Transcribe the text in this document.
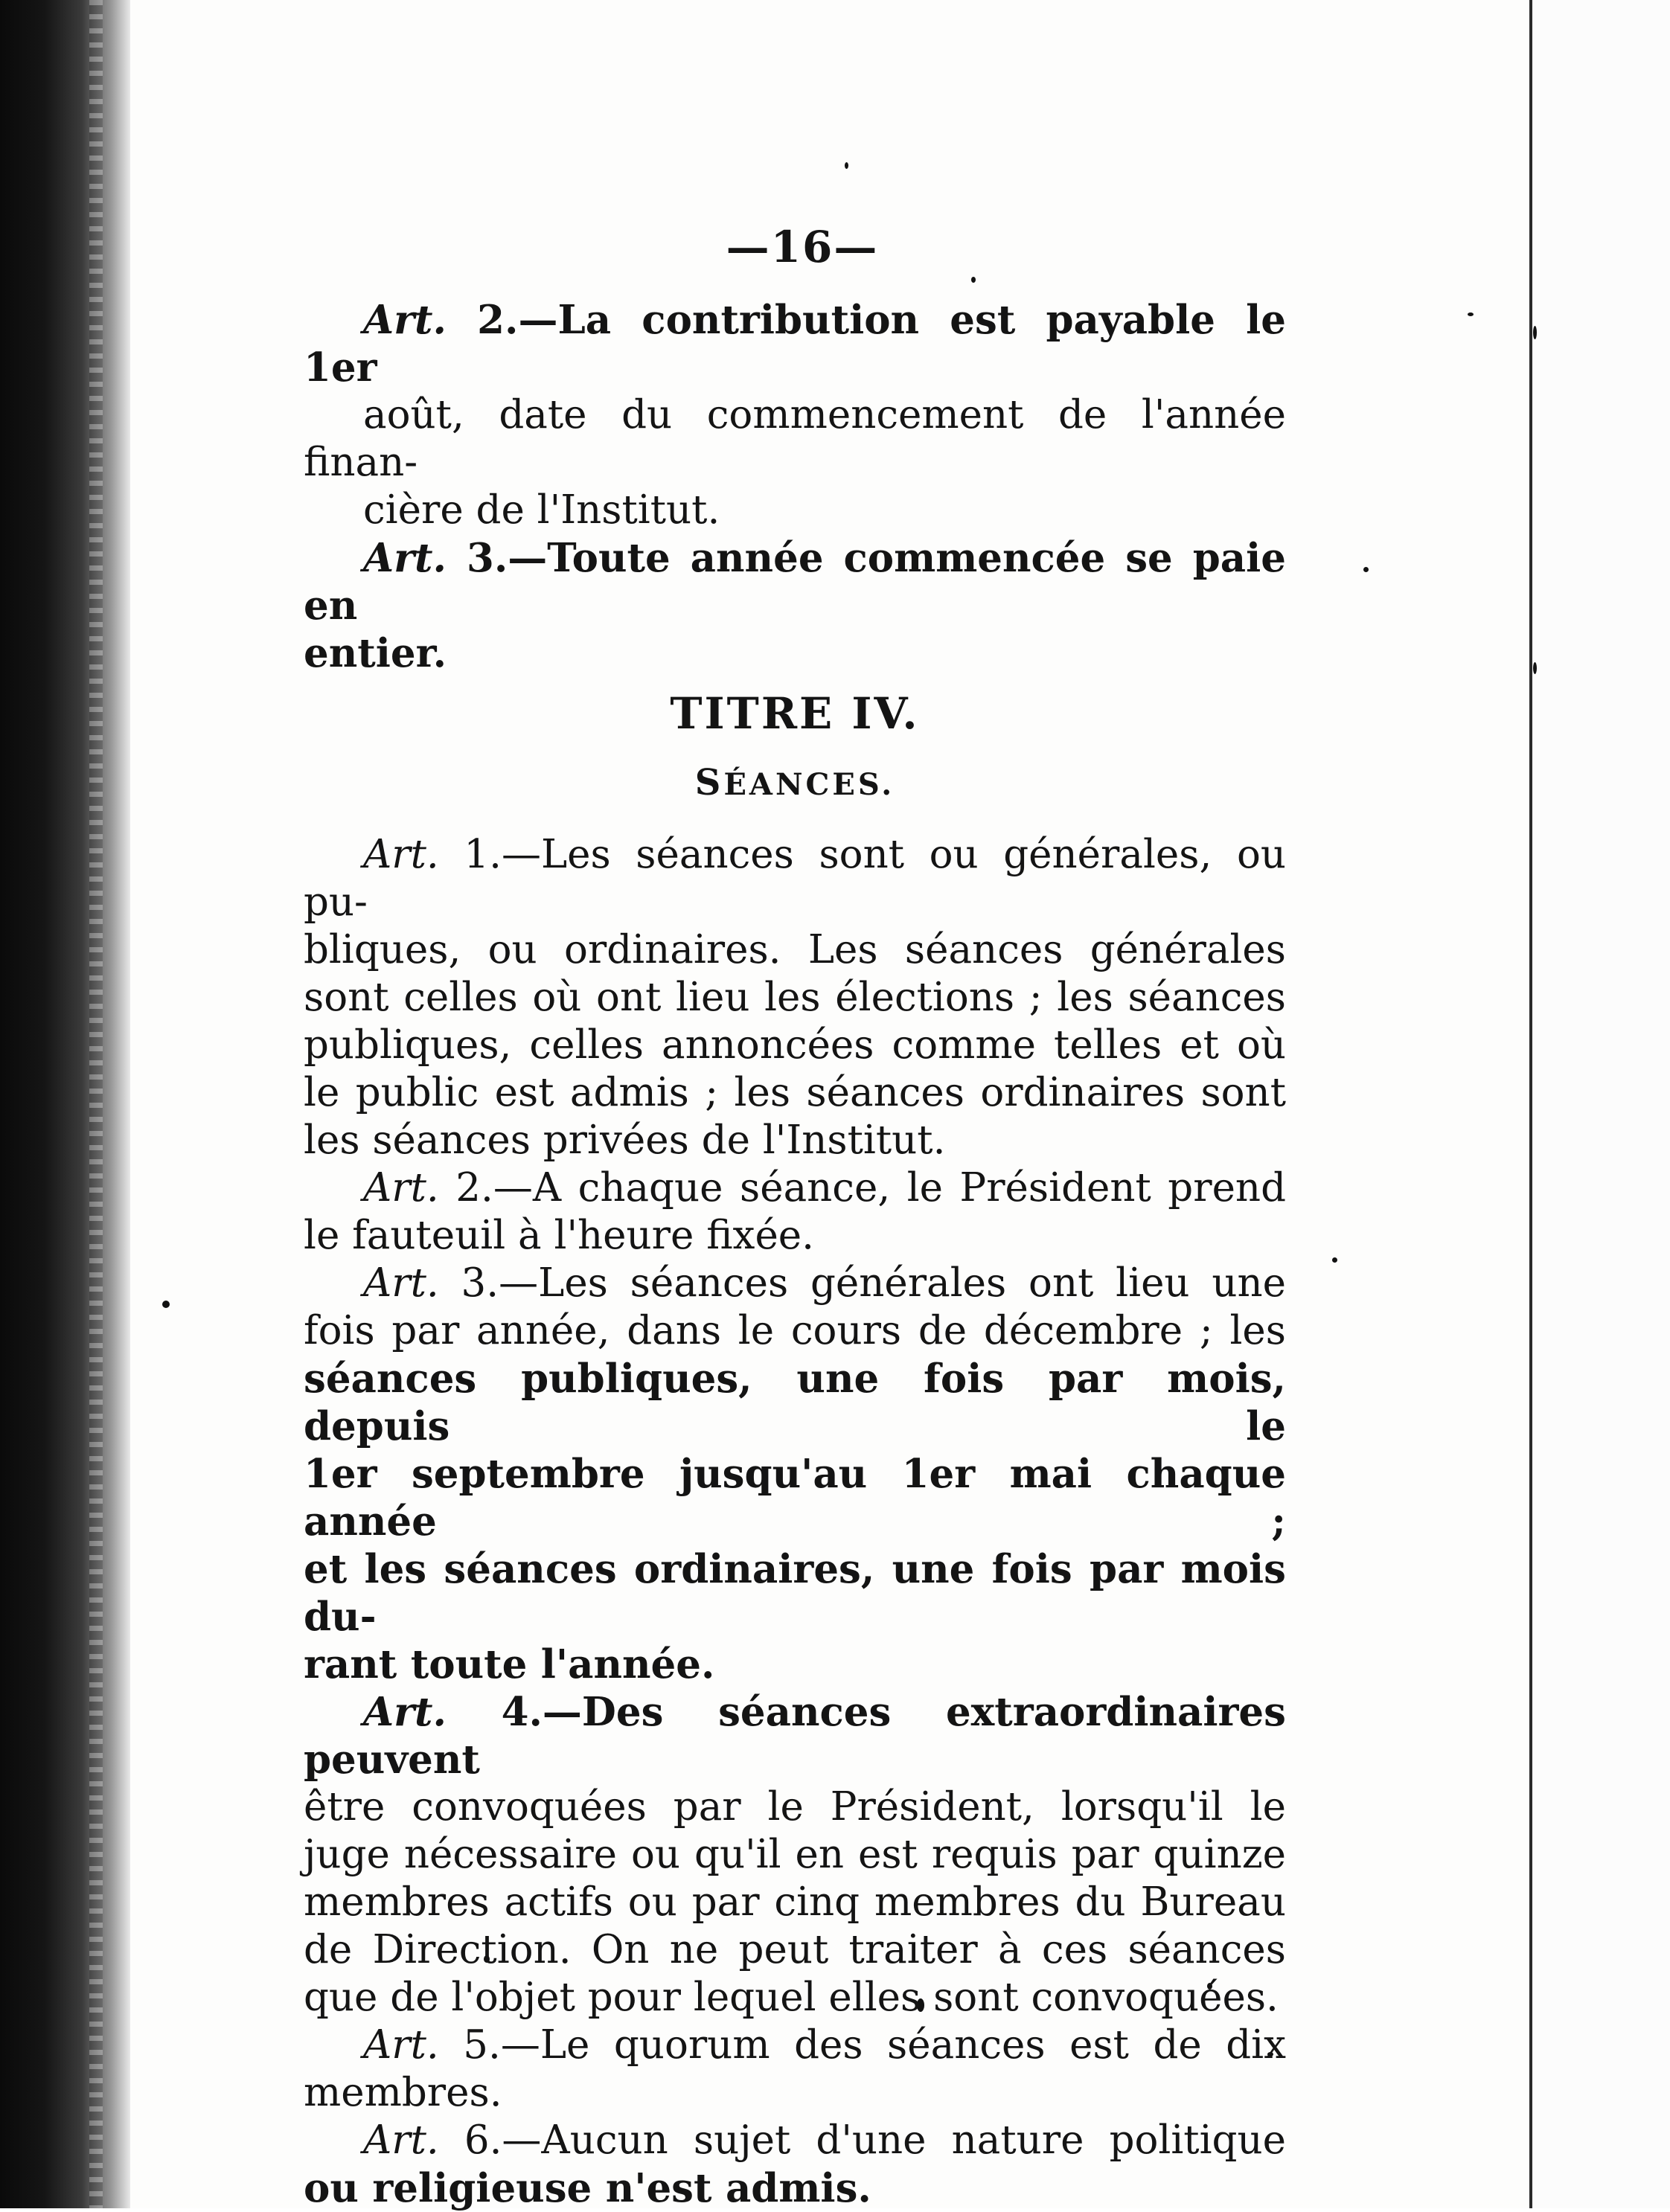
—16—

Art. 2.—La contribution est payable le 1er
août, date du commencement de l'année finan-
cière de l'Institut.

Art. 3.—Toute année commencée se paie en
entier.

TITRE IV.
SÉANCES.

Art. 1.—Les séances sont ou générales, ou pu-
bliques, ou ordinaires. Les séances générales
sont celles où ont lieu les élections ; les séances
publiques, celles annoncées comme telles et où
le public est admis ; les séances ordinaires sont
les séances privées de l'Institut.

Art. 2.—A chaque séance, le Président prend
le fauteuil à l'heure fixée.

Art. 3.—Les séances générales ont lieu une
fois par année, dans le cours de décembre ; les
séances publiques, une fois par mois, depuis le
1er septembre jusqu'au 1er mai chaque année ;
et les séances ordinaires, une fois par mois du-
rant toute l'année.

Art. 4.—Des séances extraordinaires peuvent
être convoquées par le Président, lorsqu'il le
juge nécessaire ou qu'il en est requis par quinze
membres actifs ou par cinq membres du Bureau
de Direction. On ne peut traiter à ces séances
que de l'objet pour lequel elles sont convoquées.

Art. 5.—Le quorum des séances est de dix
membres.

Art. 6.—Aucun sujet d'une nature politique
ou religieuse n'est admis.
